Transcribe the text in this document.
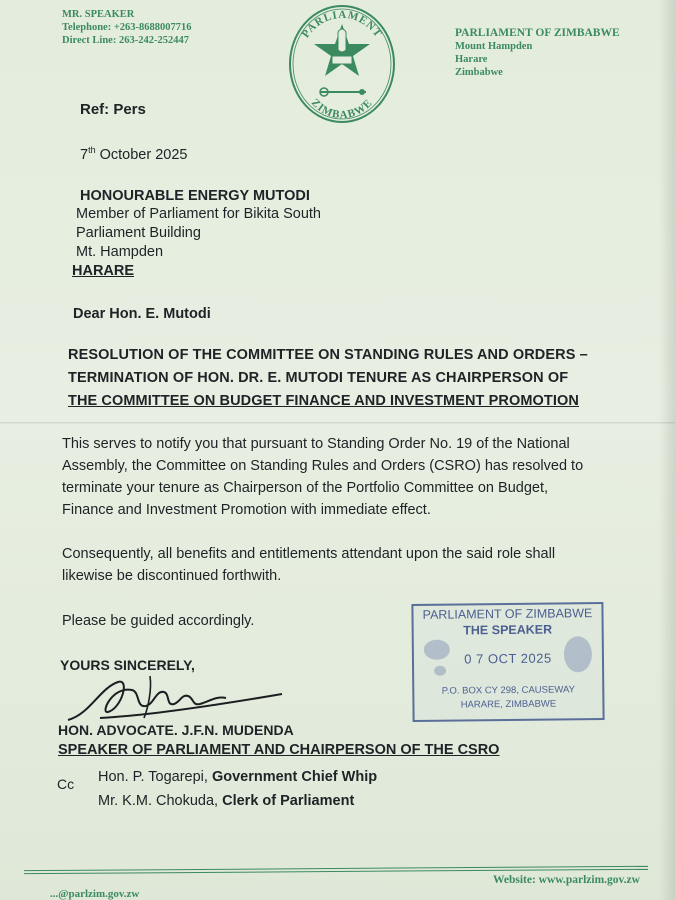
MR. SPEAKER
Telephone: +263-8688007716
Direct Line: 263-242-252447
PARLIAMENT
ZIMBABWE
PARLIAMENT OF ZIMBABWE
Mount Hampden
Harare
Zimbabwe
Ref: Pers
7th October 2025
HONOURABLE ENERGY MUTODI
Member of Parliament for Bikita South
Parliament Building
Mt. Hampden
HARARE
Dear Hon. E. Mutodi
RESOLUTION OF THE COMMITTEE ON STANDING RULES AND ORDERS –
TERMINATION OF HON. DR. E. MUTODI TENURE AS CHAIRPERSON OF
THE COMMITTEE ON BUDGET FINANCE AND INVESTMENT PROMOTION
This serves to notify you that pursuant to Standing Order No. 19 of the National
Assembly, the Committee on Standing Rules and Orders (CSRO) has resolved to
terminate your tenure as Chairperson of the Portfolio Committee on Budget,
Finance and Investment Promotion with immediate effect.
Consequently, all benefits and entitlements attendant upon the said role shall
likewise be discontinued forthwith.
Please be guided accordingly.	PARLIAMENT OF ZIMBABWE
THE SPEAKER
0 7 OCT 2025
P.O. BOX CY 298, CAUSEWAY
HARARE, ZIMBABWE
YOURS SINCERELY,
HON. ADVOCATE. J.F.N. MUDENDA
SPEAKER OF PARLIAMENT AND CHAIRPERSON OF THE CSRO
Cc Hon. P. Togarepi, Government Chief Whip
Mr. K.M. Chokuda, Clerk of Parliament
Website: www.parlzim.gov.zw
...@parlzim.gov.zw
